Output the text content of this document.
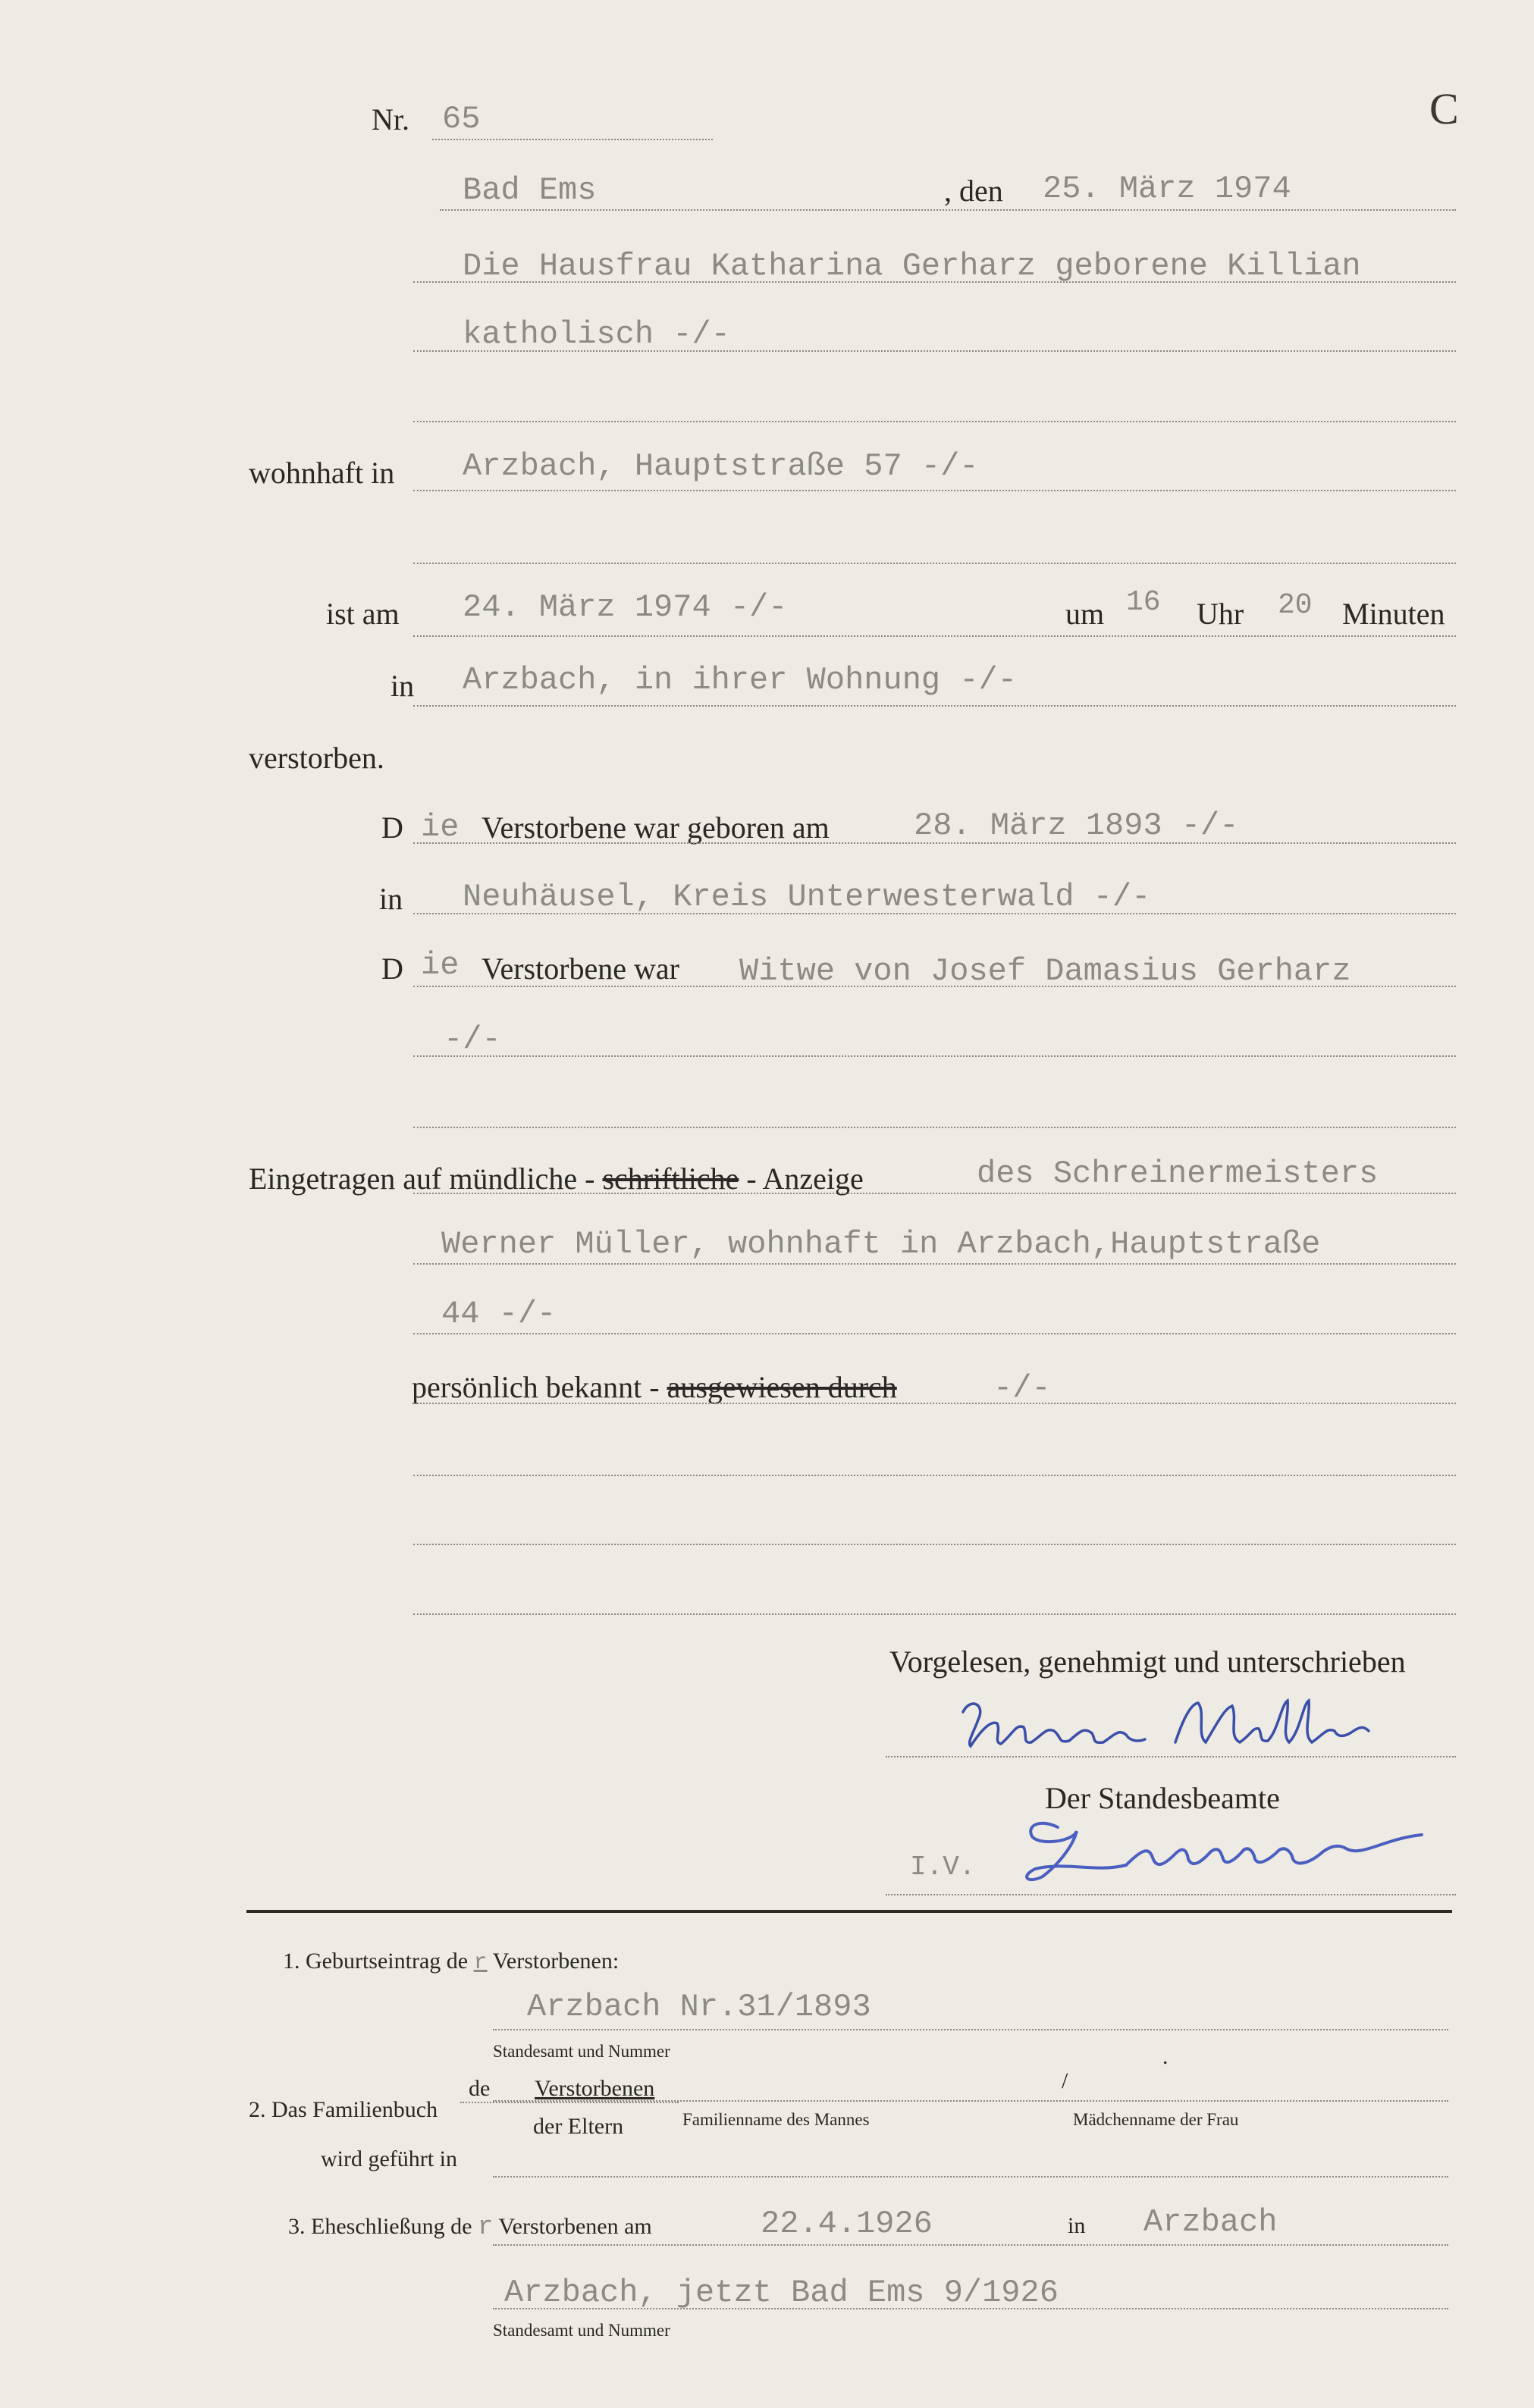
C
Nr. 65
Bad Ems	, den 25. März 1974
Die Hausfrau Katharina Gerharz geborene Killian
katholisch -/-
wohnhaft in Arzbach, Hauptstraße 57 -/-
ist am 24. März 1974 -/-	um 16 Uhr 20 Minuten
in Arzbach, in ihrer Wohnung -/-
verstorben.
D ie Verstorbene war geboren am	28. März 1893 -/-
in Neuhäusel, Kreis Unterwesterwald -/-
D ie Verstorbene war Witwe von Josef Damasius Gerharz
-/-
Eingetragen auf mündliche - schriftliche - Anzeige	des Schreinermeisters
Werner Müller, wohnhaft in Arzbach,Hauptstraße
44 -/-
persönlich bekannt - ausgewiesen durch	-/-
Vorgelesen, genehmigt und unterschrieben
Der Standesbeamte
I.V.
1. Geburtseintrag de r Verstorbenen:
Arzbach Nr.31/1893
Standesamt und Nummer	.
2. Das Familienbuch
de Verstorbenen	/
der Eltern	Familienname des Mannes	Mädchenname der Frau
wird geführt in
3. Eheschließung de r Verstorbenen am	22.4.1926	in Arzbach
Arzbach, jetzt Bad Ems 9/1926
Standesamt und Nummer
